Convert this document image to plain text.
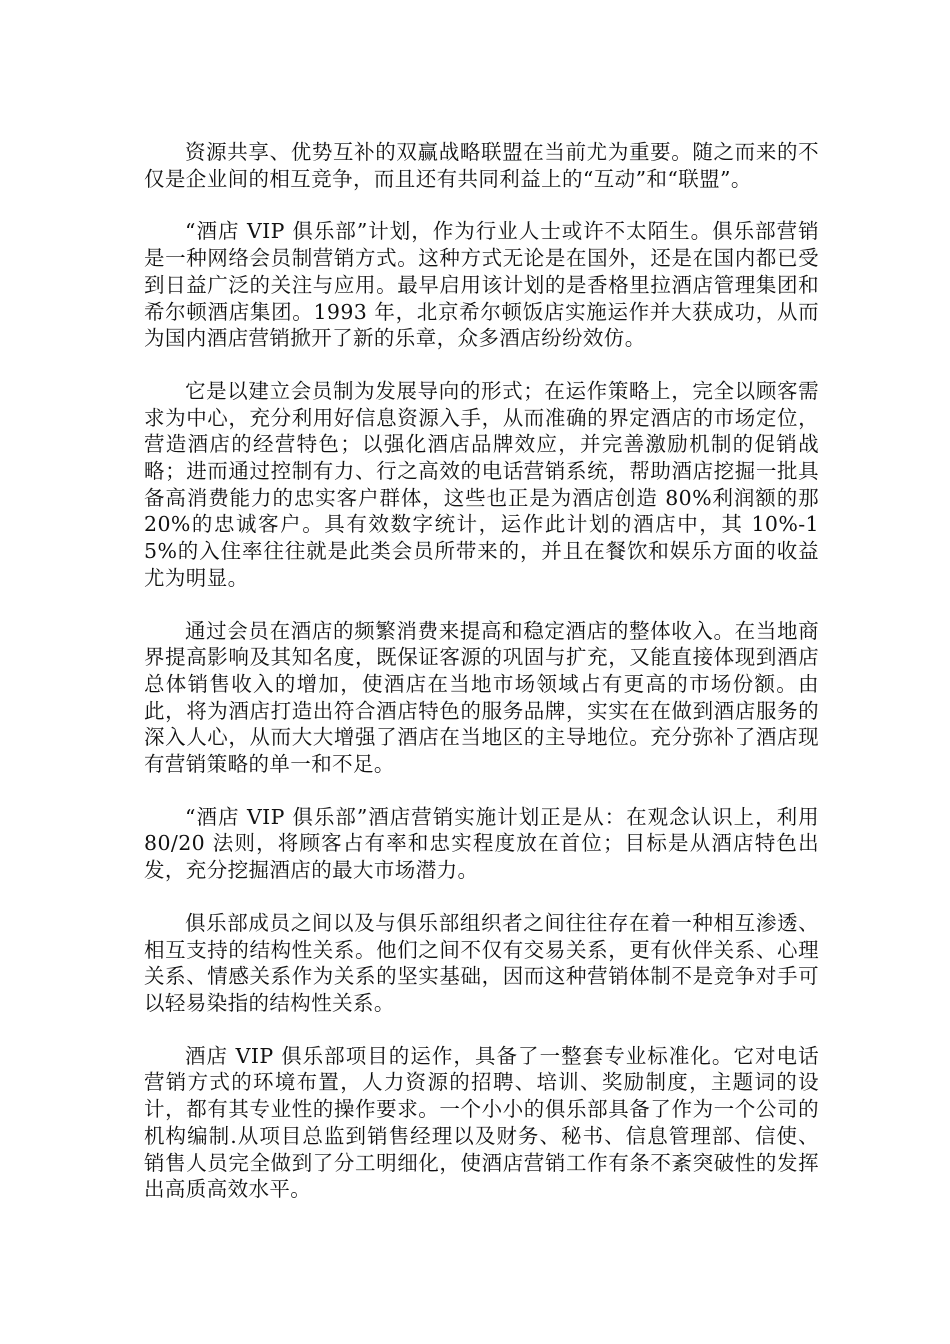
资源共享、优势互补的双赢战略联盟在当前尤为重要。随之而来的不仅是企业间的相互竞争，而且还有共同利益上的“互动”和“联盟”。

“酒店 VIP 俱乐部”计划，作为行业人士或许不太陌生。俱乐部营销是一种网络会员制营销方式。这种方式无论是在国外，还是在国内都已受到日益广泛的关注与应用。最早启用该计划的是香格里拉酒店管理集团和希尔顿酒店集团。1993 年，北京希尔顿饭店实施运作并大获成功，从而为国内酒店营销掀开了新的乐章，众多酒店纷纷效仿。

它是以建立会员制为发展导向的形式；在运作策略上，完全以顾客需求为中心，充分利用好信息资源入手，从而准确的界定酒店的市场定位，营造酒店的经营特色；以强化酒店品牌效应，并完善激励机制的促销战略；进而通过控制有力、行之高效的电话营销系统，帮助酒店挖掘一批具备高消费能力的忠实客户群体，这些也正是为酒店创造 80%利润额的那 20%的忠诚客户。具有效数字统计，运作此计划的酒店中，其 10%-15%的入住率往往就是此类会员所带来的，并且在餐饮和娱乐方面的收益尤为明显。

通过会员在酒店的频繁消费来提高和稳定酒店的整体收入。在当地商界提高影响及其知名度，既保证客源的巩固与扩充，又能直接体现到酒店总体销售收入的增加，使酒店在当地市场领域占有更高的市场份额。由此，将为酒店打造出符合酒店特色的服务品牌，实实在在做到酒店服务的深入人心，从而大大增强了酒店在当地区的主导地位。充分弥补了酒店现有营销策略的单一和不足。

“酒店 VIP 俱乐部”酒店营销实施计划正是从：在观念认识上，利用 80/20 法则，将顾客占有率和忠实程度放在首位；目标是从酒店特色出发，充分挖掘酒店的最大市场潜力。

俱乐部成员之间以及与俱乐部组织者之间往往存在着一种相互渗透、相互支持的结构性关系。他们之间不仅有交易关系，更有伙伴关系、心理关系、情感关系作为关系的坚实基础，因而这种营销体制不是竞争对手可以轻易染指的结构性关系。

酒店 VIP 俱乐部项目的运作，具备了一整套专业标准化。它对电话营销方式的环境布置，人力资源的招聘、培训、奖励制度，主题词的设计，都有其专业性的操作要求。一个小小的俱乐部具备了作为一个公司的机构编制.从项目总监到销售经理以及财务、秘书、信息管理部、信使、销售人员完全做到了分工明细化，使酒店营销工作有条不紊突破性的发挥出高质高效水平。
